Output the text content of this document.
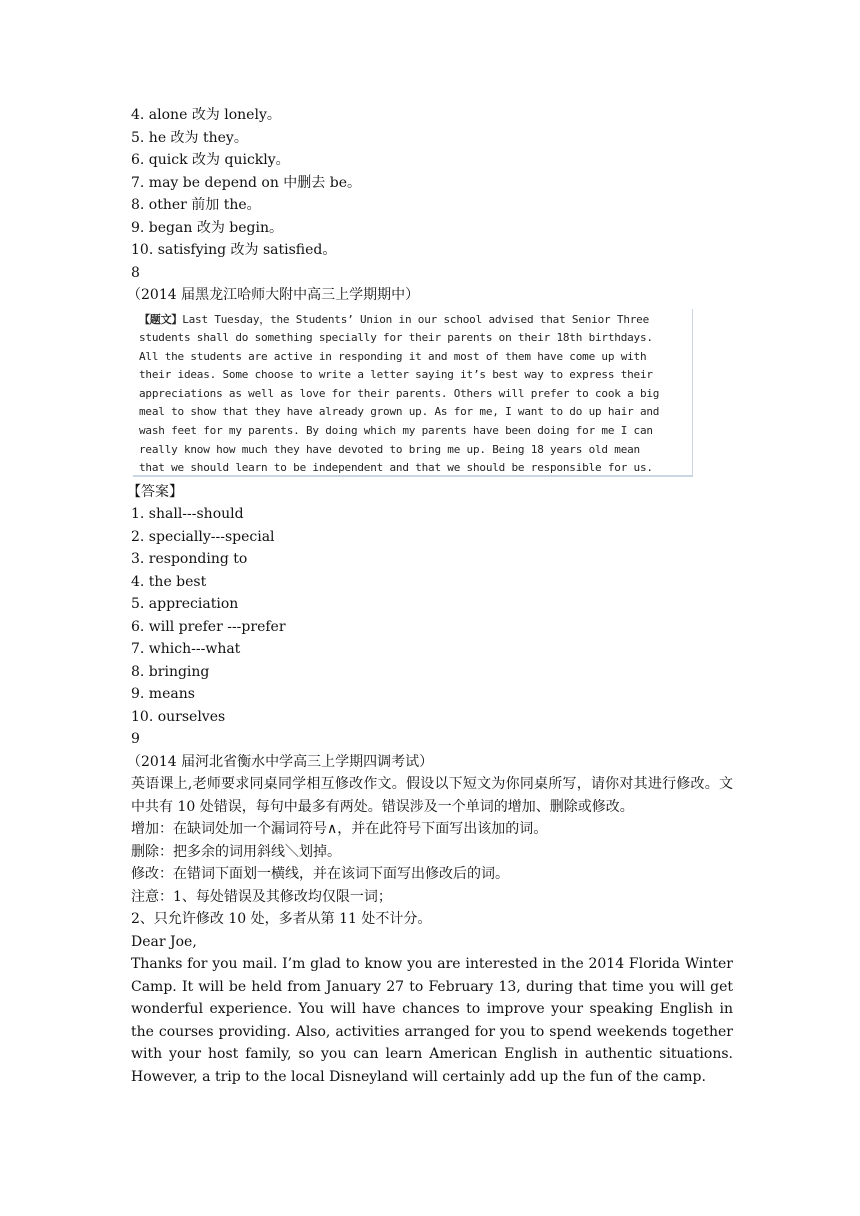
4. alone 改为 lonely。
5. he 改为 they。
6. quick 改为 quickly。
7. may be depend on 中删去 be。
8. other 前加 the。
9. began 改为 begin。
10. satisfying 改为 satisfied。
8
（2014 届黑龙江哈师大附中高三上学期期中）
【题文】Last Tuesday，the Students’ Union in our school advised that Senior Three
students shall do something specially for their parents on their 18th birthdays.
All the students are active in responding it and most of them have come up with
their ideas. Some choose to write a letter saying it’s best way to express their
appreciations as well as love for their parents. Others will prefer to cook a big
meal to show that they have already grown up. As for me, I want to do up hair and
wash feet for my parents. By doing which my parents have been doing for me I can
really know how much they have devoted to bring me up. Being 18 years old mean
that we should learn to be independent and that we should be responsible for us.
【答案】
1. shall---should
2. specially---special
3. responding to
4. the best
5. appreciation
6. will prefer ---prefer
7. which---what
8. bringing
9. means
10. ourselves
9
（2014 届河北省衡水中学高三上学期四调考试）

英语课上,老师要求同桌同学相互修改作文。假设以下短文为你同桌所写，请你对其进行修改。文中共有 10 处错误，每句中最多有两处。错误涉及一个单词的增加、删除或修改。

增加：在缺词处加一个漏词符号∧，并在此符号下面写出该加的词。
删除：把多余的词用斜线＼划掉。
修改：在错词下面划一横线，并在该词下面写出修改后的词。
注意：1、每处错误及其修改均仅限一词；
2、只允许修改 10 处，多者从第 11 处不计分。
Dear Joe,

Thanks for you mail. I’m glad to know you are interested in the 2014 Florida Winter Camp. It will be held from January 27 to February 13, during that time you will get wonderful experience. You will have chances to improve your speaking English in the courses providing. Also, activities arranged for you to spend weekends together with your host family, so you can learn American English in authentic situations. However, a trip to the local Disneyland will certainly add up the fun of the camp.
